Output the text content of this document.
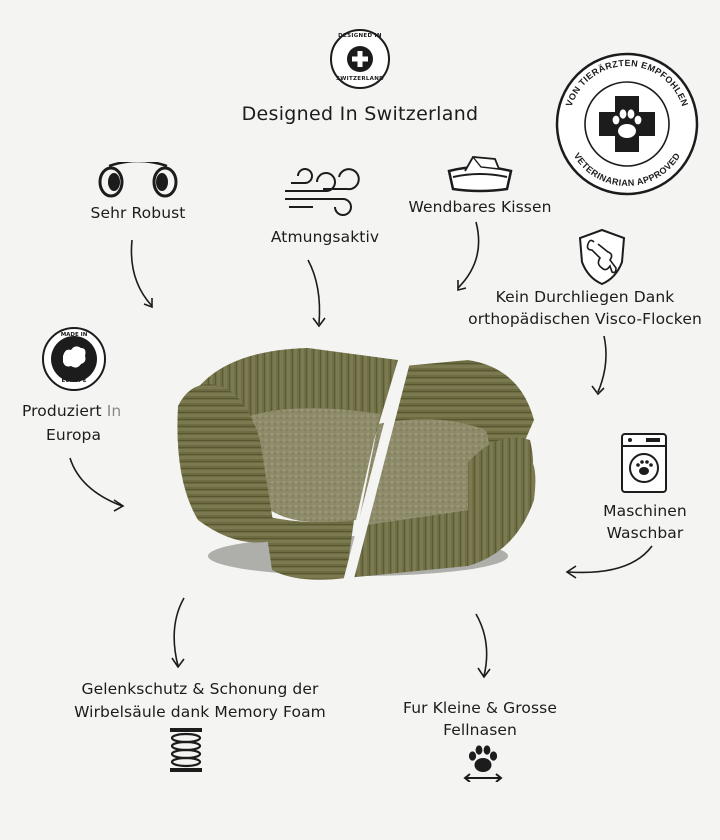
DESIGNED IN
SWITZERLAND
Designed In Switzerland	VON TIERÄRZTEN EMPFOHLEN
VETERINARIAN APPROVED
Sehr Robust
Atmungsaktiv
Wendbares Kissen
Kein Durchliegen Dank
orthopädischen Visco-Flocken
MADE IN
EUROPE
Produziert In
Europa
Maschinen
Waschbar
Gelenkschutz & Schonung der
Wirbelsäule dank Memory Foam	Fur Kleine & Grosse
Fellnasen
